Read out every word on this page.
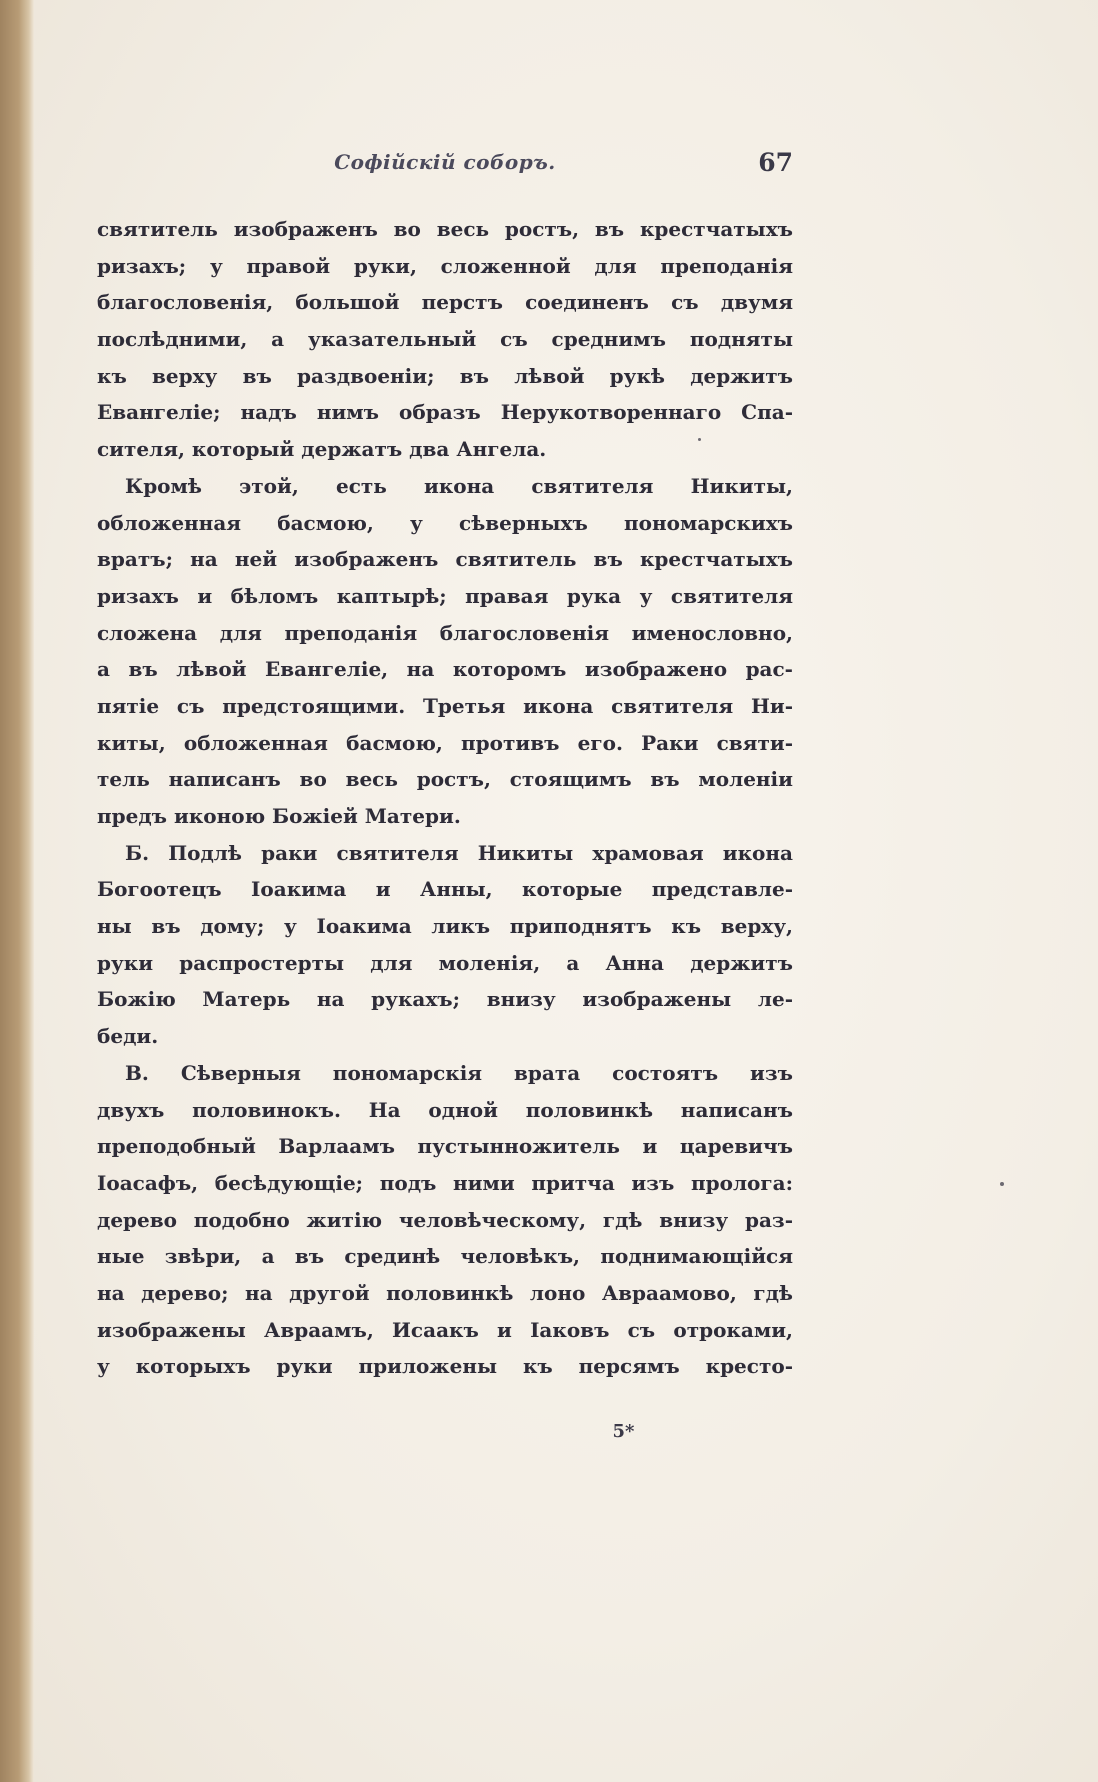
Софійскій соборъ.	67
святитель изображенъ во весь ростъ, въ крестчатыхъ
ризахъ; у правой руки, сложенной для преподанія
благословенія, большой перстъ соединенъ съ двумя
послѣдними, а указательный съ среднимъ подняты
къ верху въ раздвоеніи; въ лѣвой рукѣ держитъ
Евангеліе; надъ нимъ образъ Нерукотвореннаго Спа-
сителя, который держатъ два Ангела.
Кромѣ этой, есть икона святителя Никиты,
обложенная басмою, у сѣверныхъ пономарскихъ
вратъ; на ней изображенъ святитель въ крестчатыхъ
ризахъ и бѣломъ каптырѣ; правая рука у святителя
сложена для преподанія благословенія именословно,
а въ лѣвой Евангеліе, на которомъ изображено рас-
пятіе съ предстоящими. Третья икона святителя Ни-
киты, обложенная басмою, противъ его. Раки святи-
тель написанъ во весь ростъ, стоящимъ въ моленіи
предъ иконою Божіей Матери.
Б. Подлѣ раки святителя Никиты храмовая икона
Богоотецъ Іоакима и Анны, которые представле-
ны въ дому; у Іоакима ликъ приподнятъ къ верху,
руки распростерты для моленія, а Анна держитъ
Божію Матерь на рукахъ; внизу изображены ле-
беди.
В. Сѣверныя пономарскія врата состоятъ изъ
двухъ половинокъ. На одной половинкѣ написанъ
преподобный Варлаамъ пустынножитель и царевичъ
Іоасафъ, бесѣдующіе; подъ ними притча изъ пролога:
дерево подобно житію человѣческому, гдѣ внизу раз-
ные звѣри, а въ срединѣ человѣкъ, поднимающійся
на дерево; на другой половинкѣ лоно Авраамово, гдѣ
изображены Авраамъ, Исаакъ и Іаковъ съ отроками,
у которыхъ руки приложены къ персямъ кресто-
5*
